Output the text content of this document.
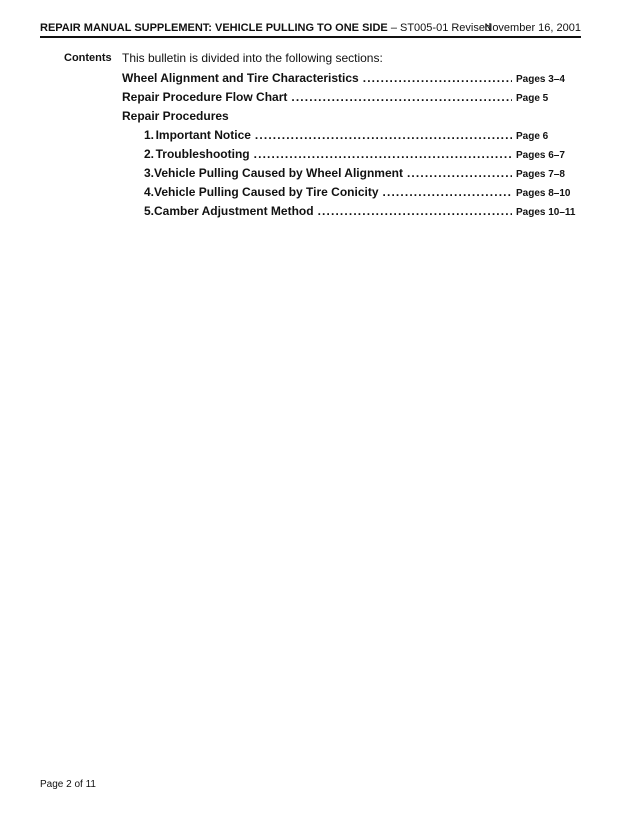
REPAIR MANUAL SUPPLEMENT: VEHICLE PULLING TO ONE SIDE – ST005-01 Revised
November 16, 2001
Contents This bulletin is divided into the following sections:
Wheel Alignment and Tire Characteristics . . .	Pages 3–4
Repair Procedure Flow Chart . . .	Page 5
Repair Procedures
1. Important Notice . . .	Page 6
2. Troubleshooting . . .	Pages 6–7
3. Vehicle Pulling Caused by Wheel Alignment . . .	Pages 7–8
4. Vehicle Pulling Caused by Tire Conicity . . .	Pages 8–10
5. Camber Adjustment Method . . .	Pages 10–11
Page 2 of 11
